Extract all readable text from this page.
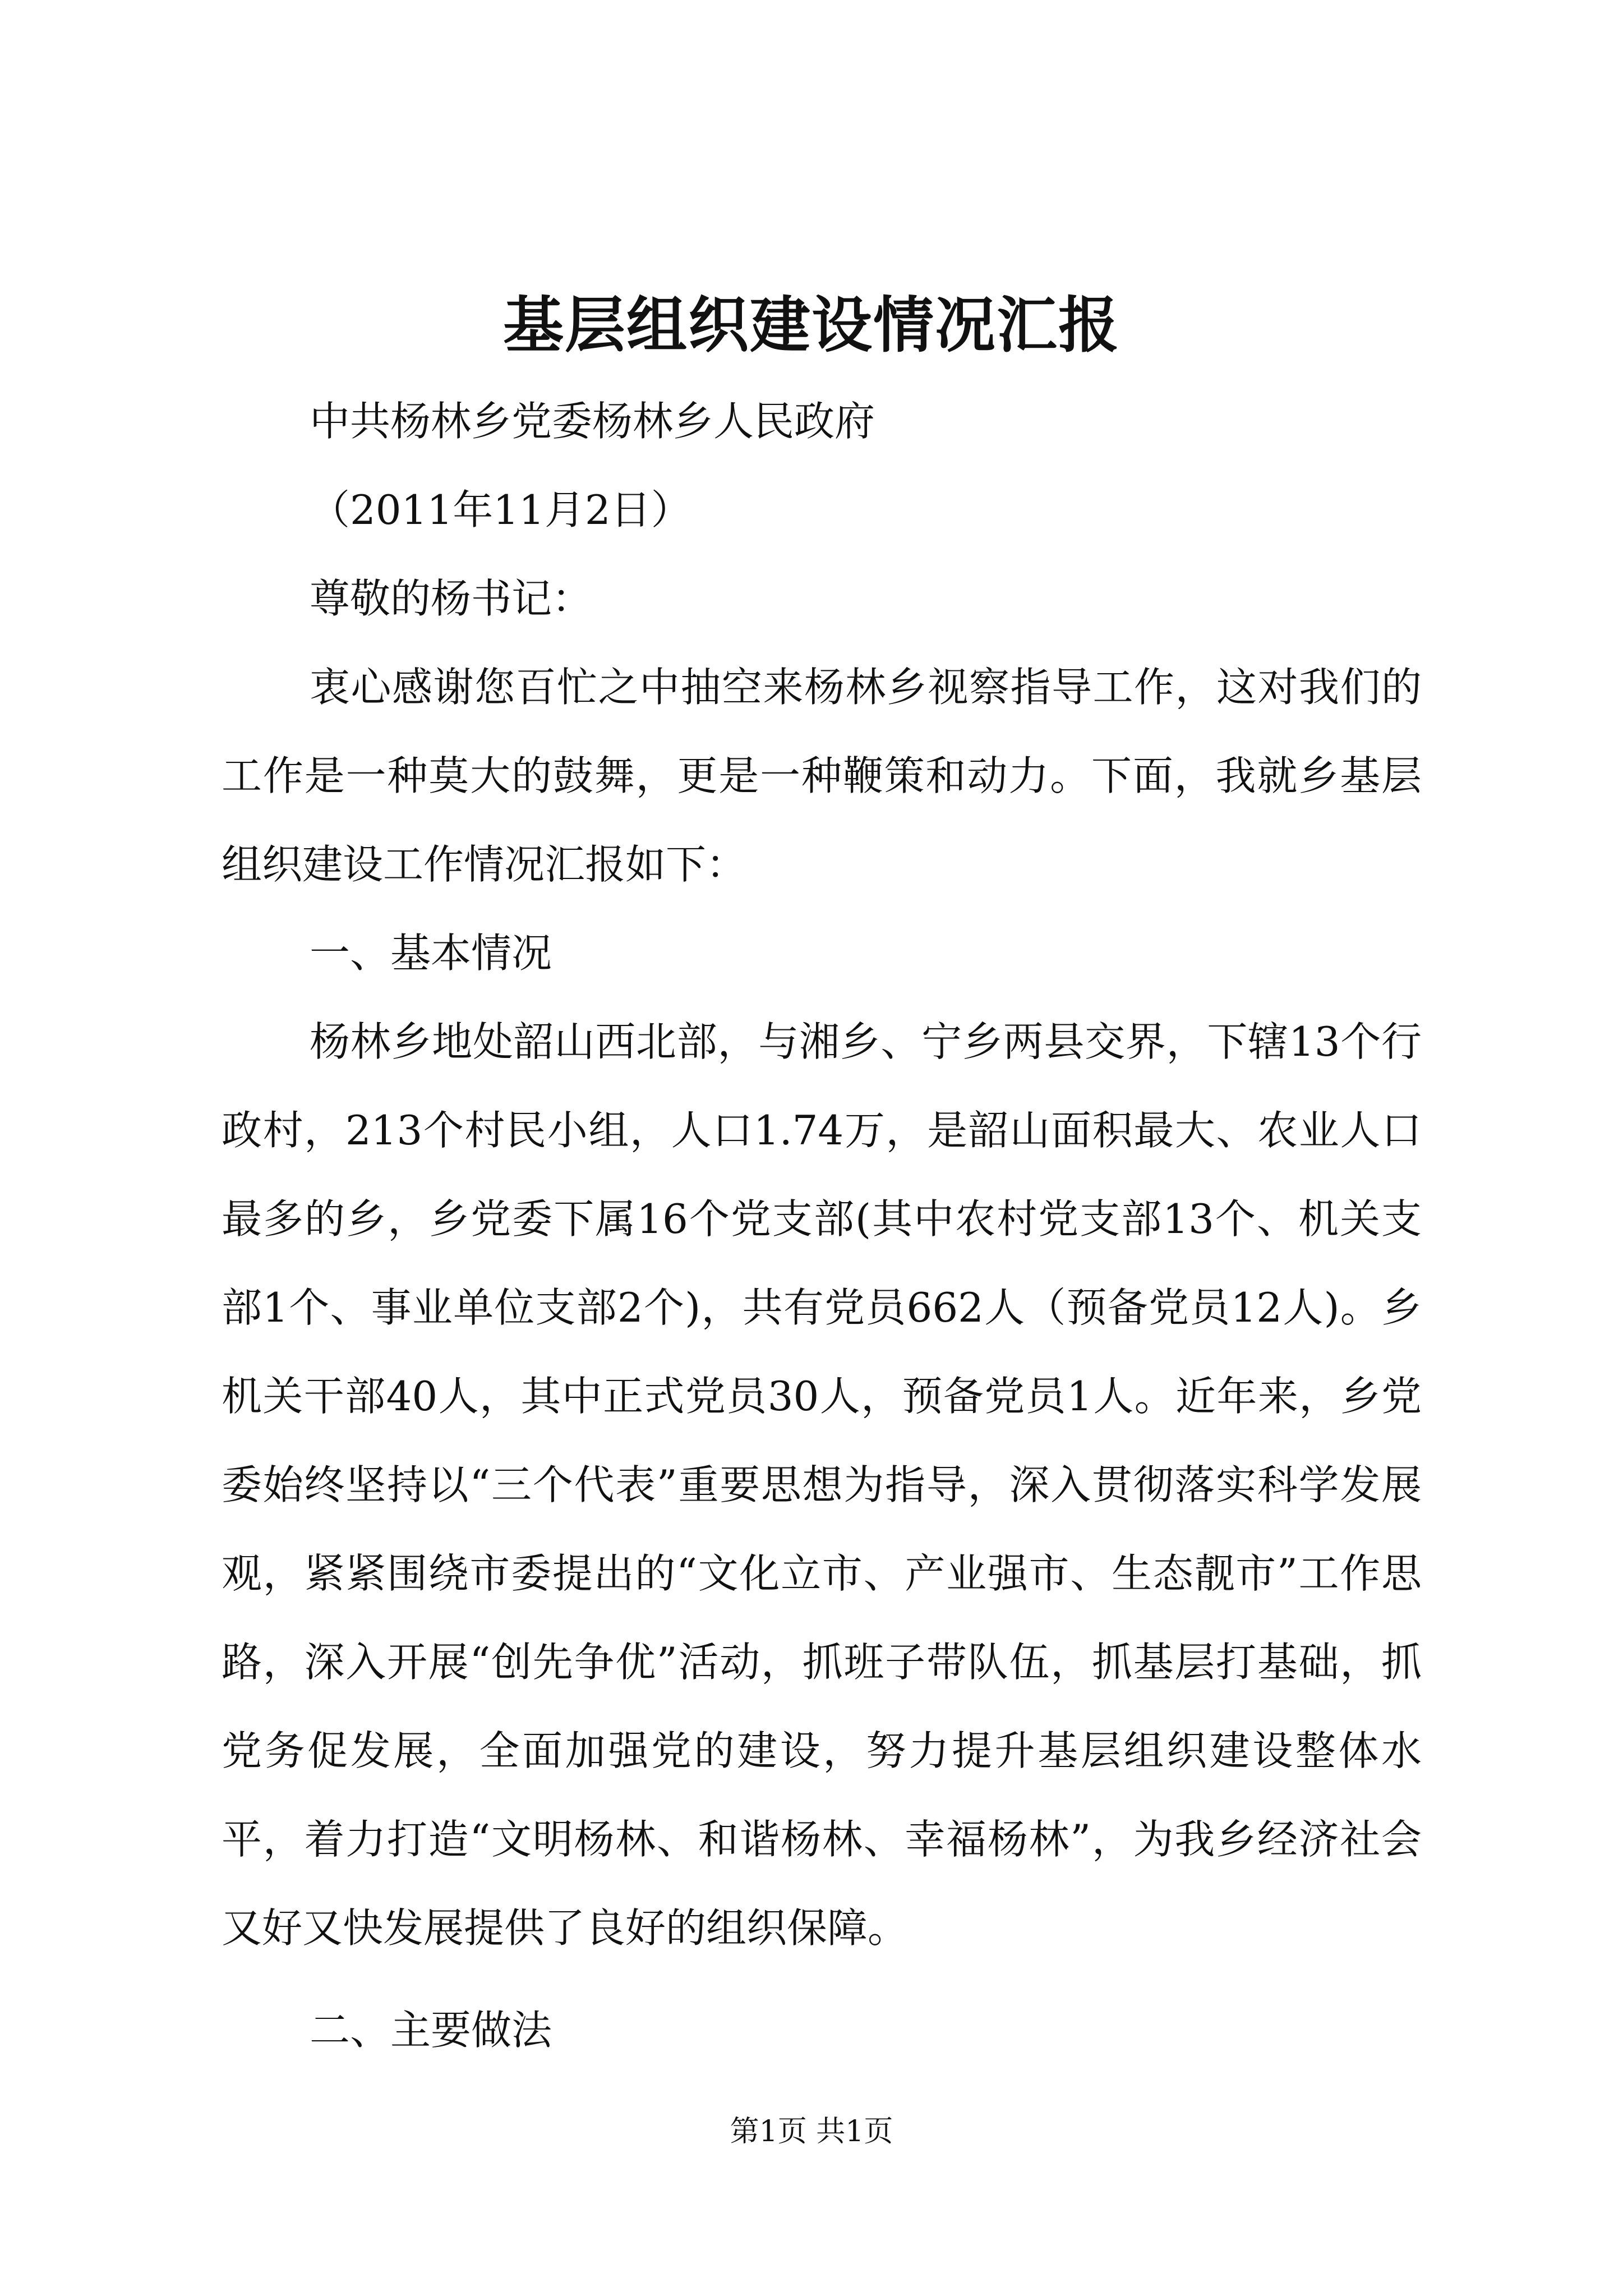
基层组织建设情况汇报

中共杨林乡党委杨林乡人民政府

（2011年11月2日）

尊敬的杨书记：

衷心感谢您百忙之中抽空来杨林乡视察指导工作，这对我们的工作是一种莫大的鼓舞，更是一种鞭策和动力。下面，我就乡基层组织建设工作情况汇报如下：

一、基本情况

杨林乡地处韶山西北部，与湘乡、宁乡两县交界，下辖13个行政村，213个村民小组，人口1.74万，是韶山面积最大、农业人口最多的乡，乡党委下属16个党支部(其中农村党支部13个、机关支部1个、事业单位支部2个)，共有党员662人（预备党员12人)。乡机关干部40人，其中正式党员30人，预备党员1人。近年来，乡党委始终坚持以“三个代表”重要思想为指导，深入贯彻落实科学发展观，紧紧围绕市委提出的“文化立市、产业强市、生态靓市”工作思路，深入开展“创先争优”活动，抓班子带队伍，抓基层打基础，抓党务促发展，全面加强党的建设，努力提升基层组织建设整体水平，着力打造“文明杨林、和谐杨林、幸福杨林”，为我乡经济社会又好又快发展提供了良好的组织保障。

二、主要做法

第1页 共1页
